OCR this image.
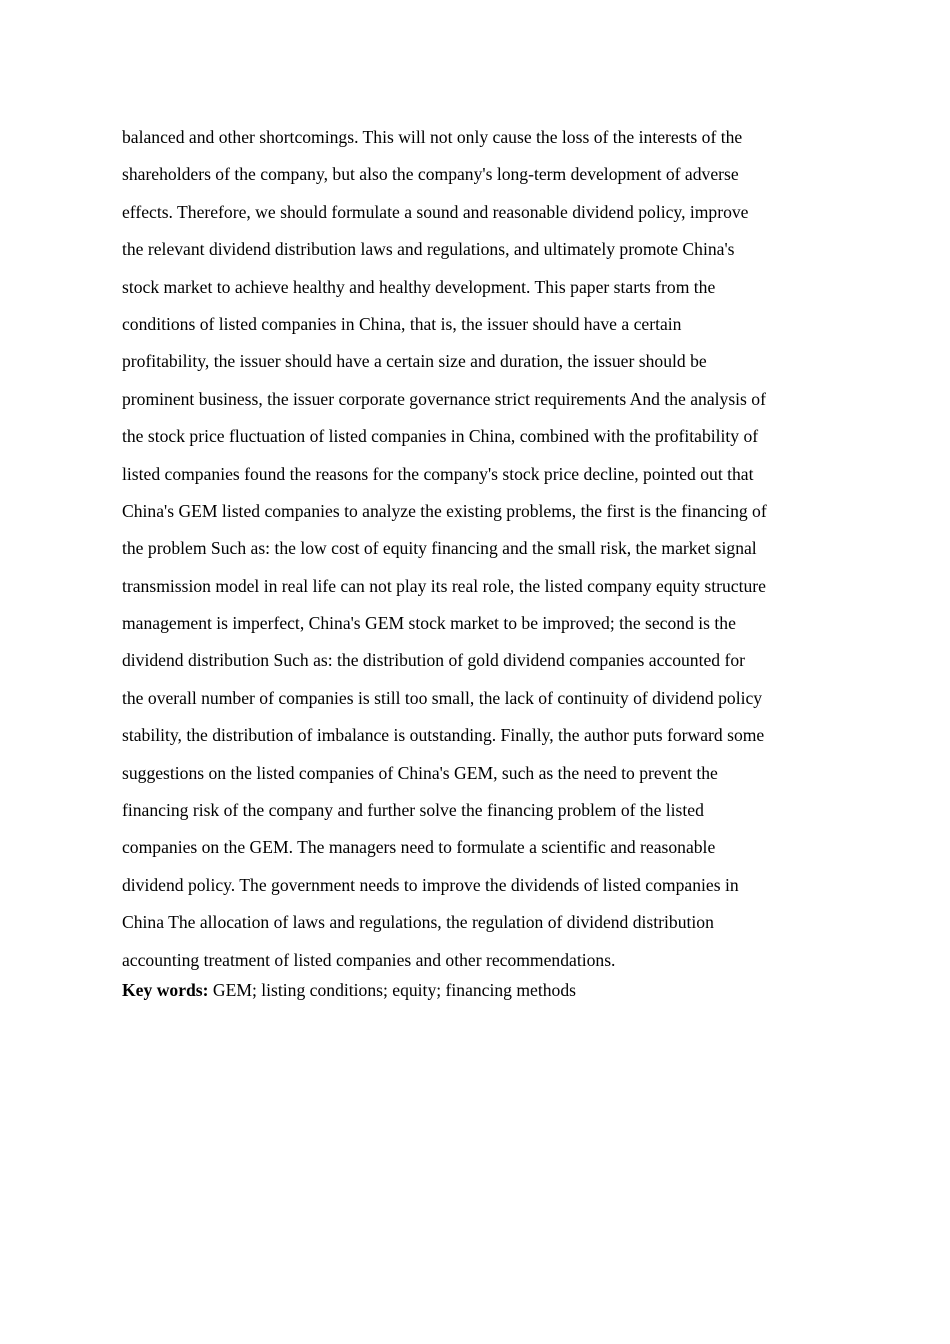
balanced and other shortcomings. This will not only cause the loss of the interests of the
shareholders of the company, but also the company's long-term development of adverse
effects. Therefore, we should formulate a sound and reasonable dividend policy, improve
the relevant dividend distribution laws and regulations, and ultimately promote China's
stock market to achieve healthy and healthy development. This paper starts from the
conditions of listed companies in China, that is, the issuer should have a certain
profitability, the issuer should have a certain size and duration, the issuer should be
prominent business, the issuer corporate governance strict requirements And the analysis of
the stock price fluctuation of listed companies in China, combined with the profitability of
listed companies found the reasons for the company's stock price decline, pointed out that
China's GEM listed companies to analyze the existing problems, the first is the financing of
the problem Such as: the low cost of equity financing and the small risk, the market signal
transmission model in real life can not play its real role, the listed company equity structure
management is imperfect, China's GEM stock market to be improved; the second is the
dividend distribution Such as: the distribution of gold dividend companies accounted for
the overall number of companies is still too small, the lack of continuity of dividend policy
stability, the distribution of imbalance is outstanding. Finally, the author puts forward some
suggestions on the listed companies of China's GEM, such as the need to prevent the
financing risk of the company and further solve the financing problem of the listed
companies on the GEM. The managers need to formulate a scientific and reasonable
dividend policy. The government needs to improve the dividends of listed companies in
China The allocation of laws and regulations, the regulation of dividend distribution
accounting treatment of listed companies and other recommendations.
Key words: GEM; listing conditions; equity; financing methods
